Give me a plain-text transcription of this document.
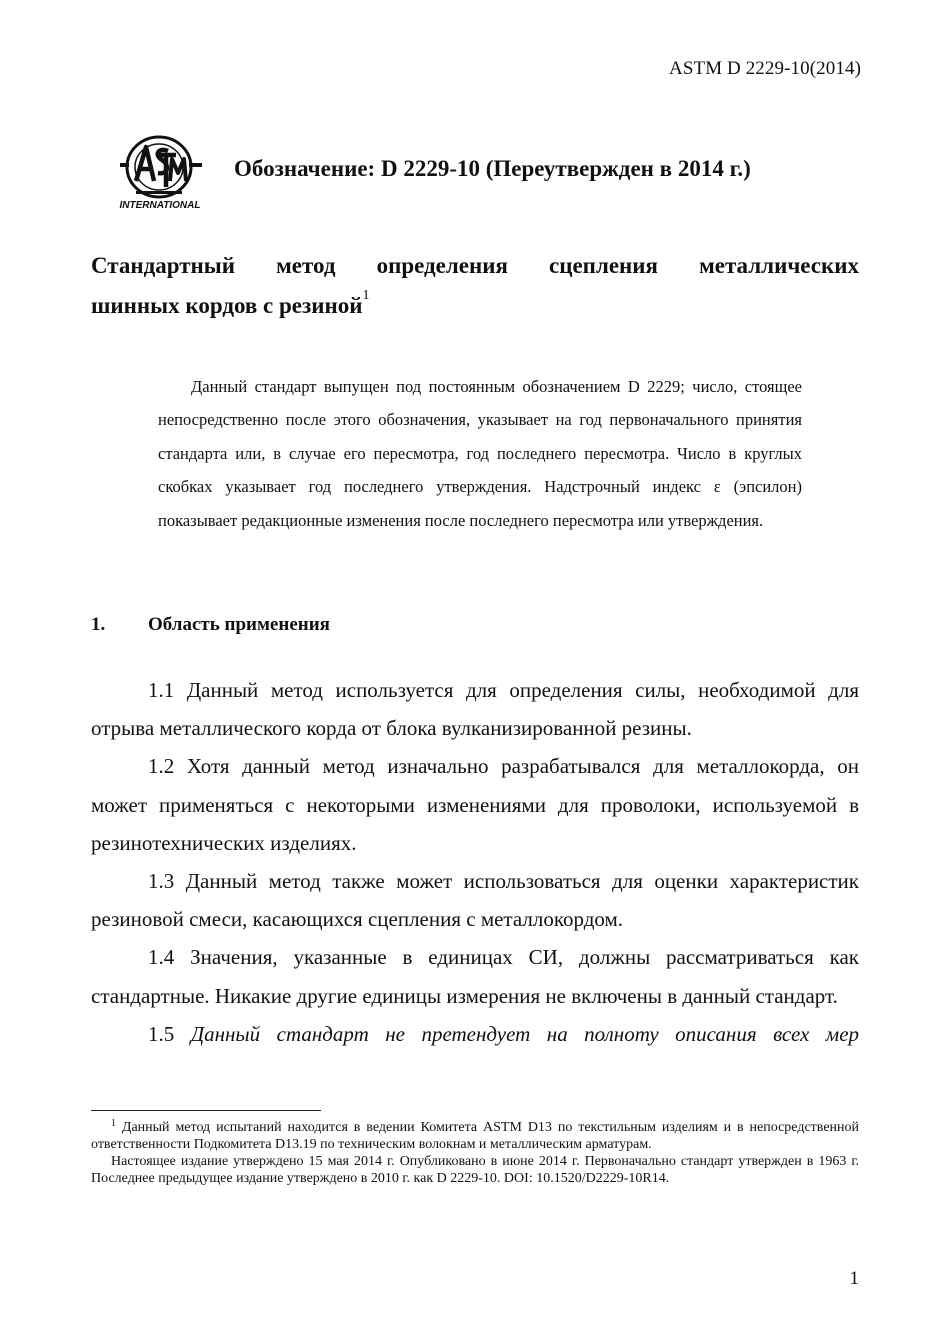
ASTM D 2229-10(2014)
INTERNATIONAL
Обозначение: D 2229-10 (Переутвержден в 2014 г.)
Стандартный метод определения сцепления металлических
шинных кордов с резиной$^1$

Данный стандарт выпущен под постоянным обозначением D 2229; число, стоящее непосредственно после этого обозначения, указывает на год первоначального принятия стандарта или, в случае его пересмотра, год последнего пересмотра. Число в круглых скобках указывает год последнего утверждения. Надстрочный индекс ε (эпсилон) показывает редакционные изменения после последнего пересмотра или утверждения.

1. Область применения

1.1 Данный метод используется для определения силы, необходимой для отрыва металлического корда от блока вулканизированной резины.

1.2 Хотя данный метод изначально разрабатывался для металлокорда, он может применяться с некоторыми изменениями для проволоки, используемой в резинотехнических изделиях.

1.3 Данный метод также может использоваться для оценки характеристик резиновой смеси, касающихся сцепления с металлокордом.

1.4 Значения, указанные в единицах СИ, должны рассматриваться как стандартные. Никакие другие единицы измерения не включены в данный стандарт.

1.5 Данный стандарт не претендует на полноту описания всех мер

$^1$ Данный метод испытаний находится в ведении Комитета ASTM D13 по текстильным изделиям и в непосредственной ответственности Подкомитета D13.19 по техническим волокнам и металлическим арматурам.

Настоящее издание утверждено 15 мая 2014 г. Опубликовано в июне 2014 г. Первоначально стандарт утвержден в 1963 г. Последнее предыдущее издание утверждено в 2010 г. как D 2229-10. DOI: 10.1520/D2229-10R14.

1
